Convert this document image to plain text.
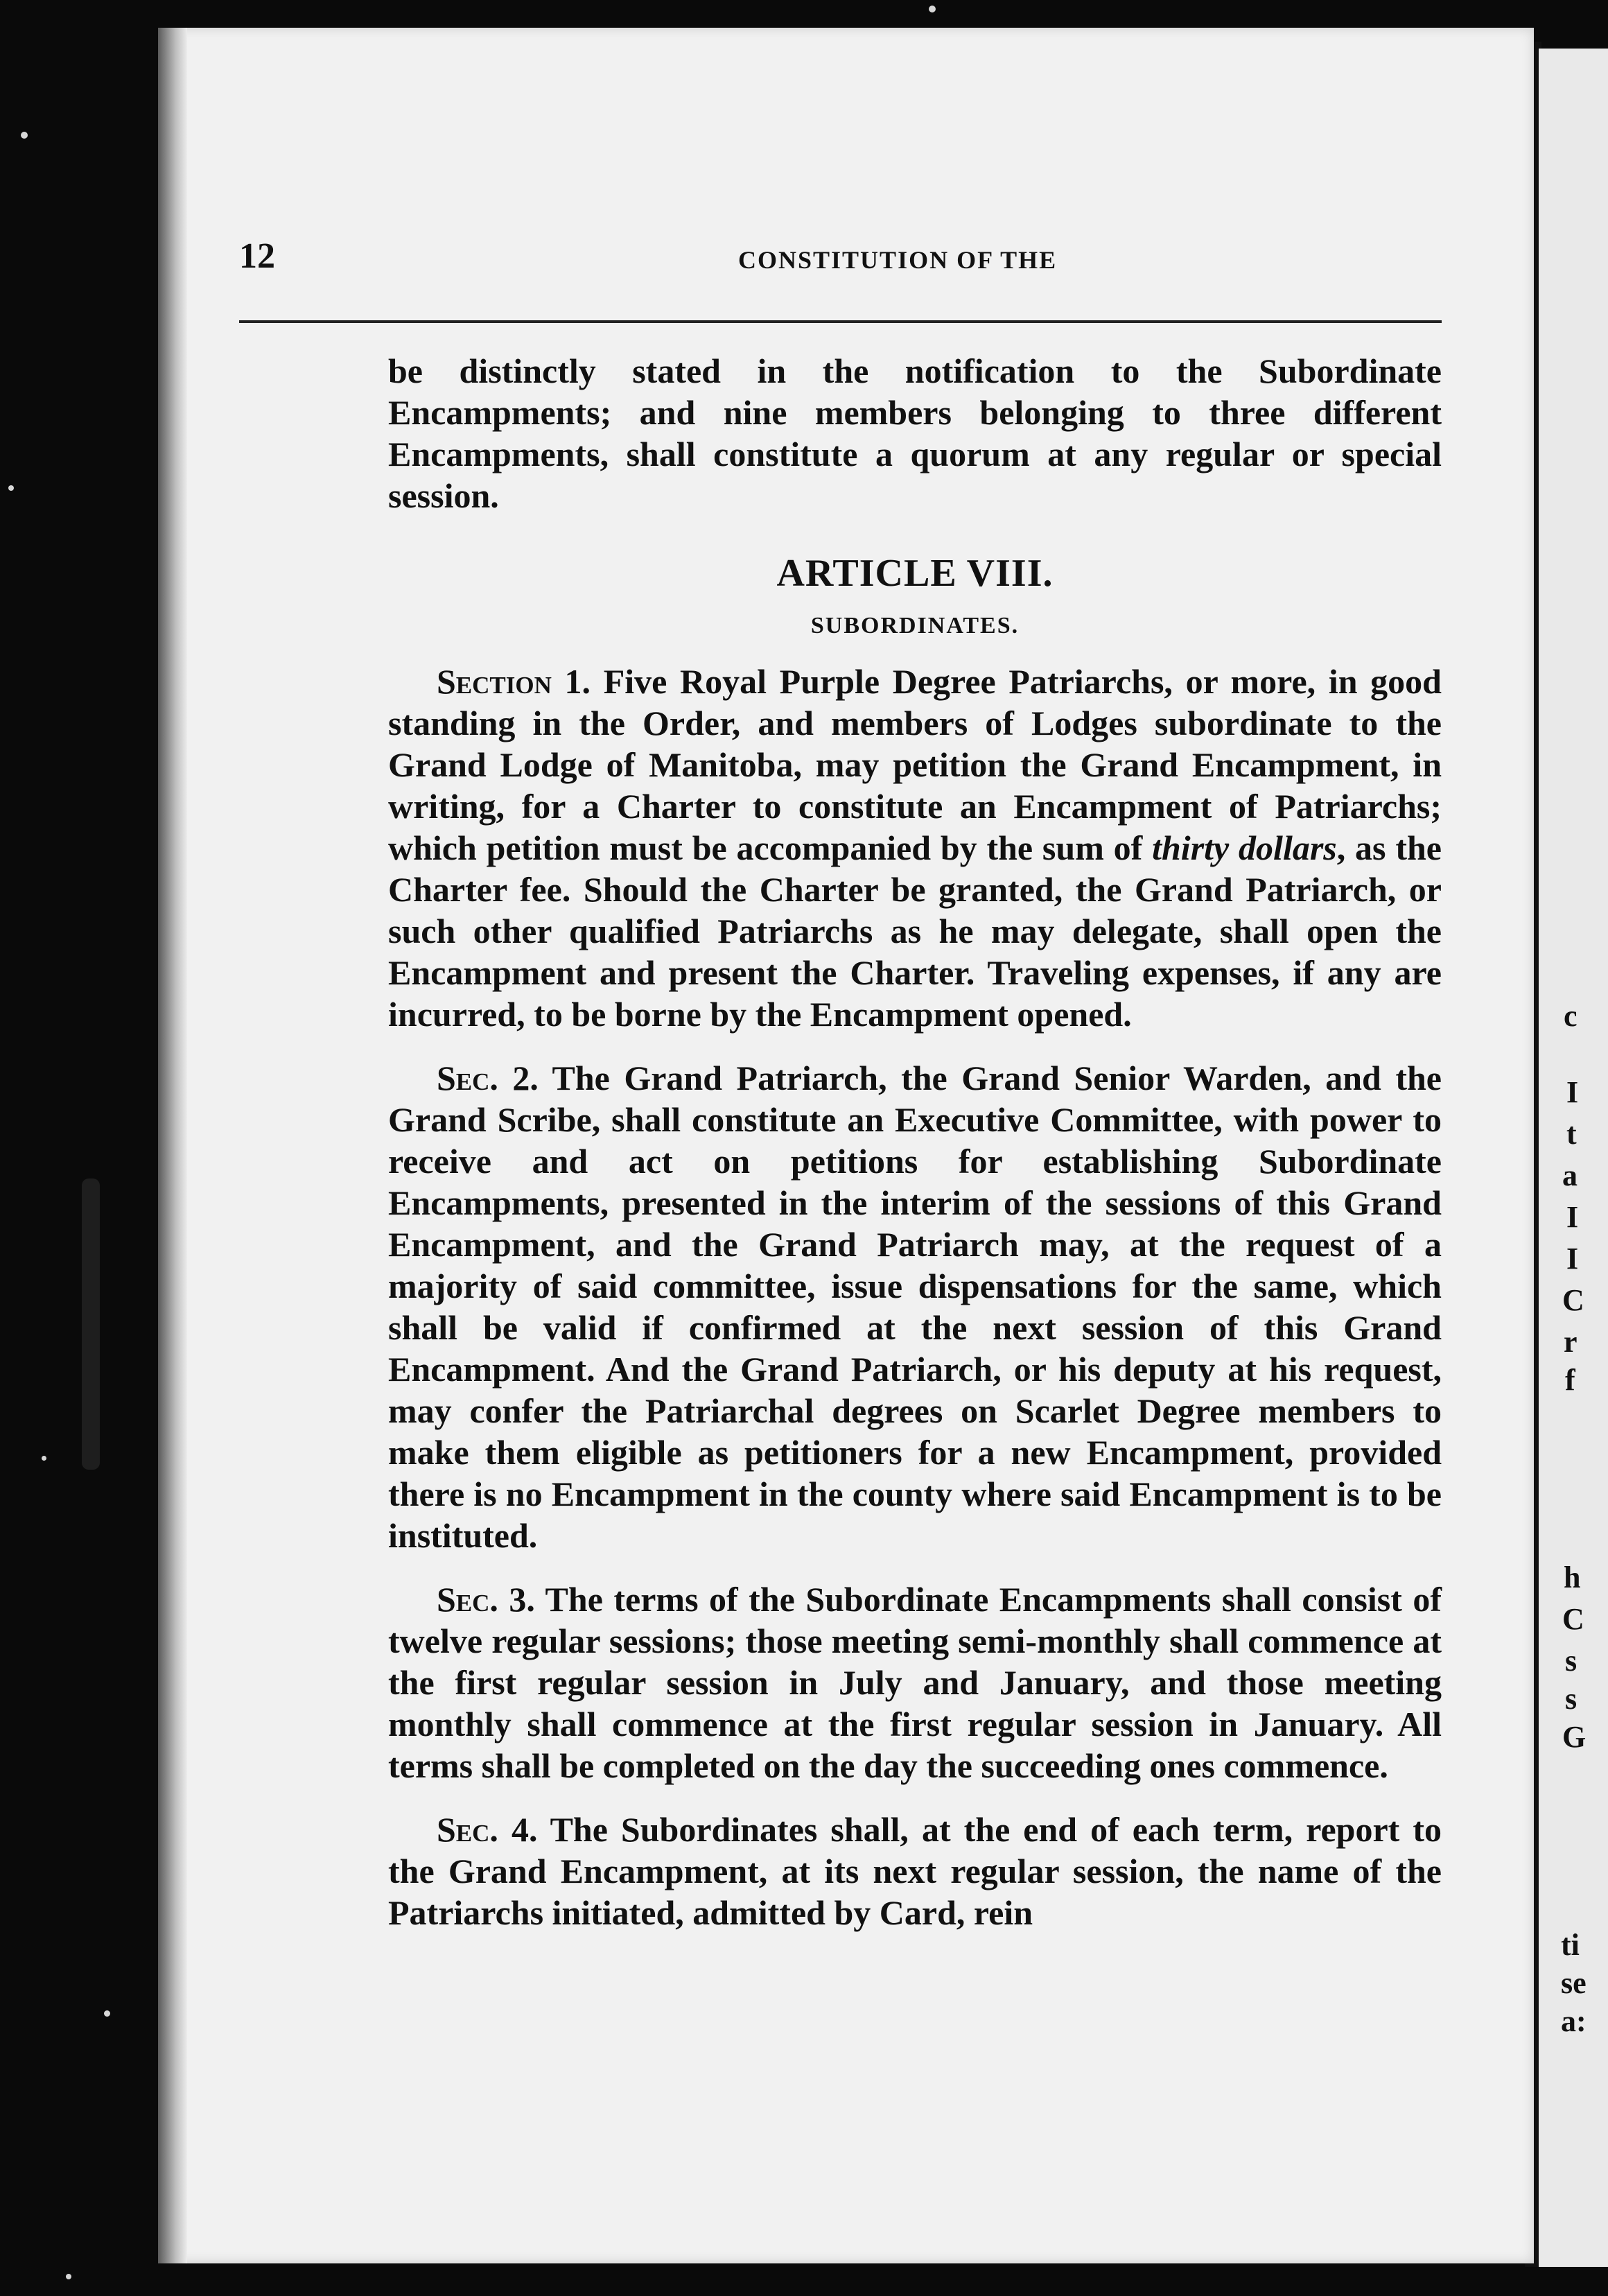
c
I
t
a
I
I
C
r
f
h
C
s
s
G
ti
se
a:
12	CONSTITUTION OF THE

be distinctly stated in the notification to the Subordinate Encampments; and nine members belonging to three different Encampments, shall constitute a quorum at any regular or special session.

ARTICLE VIII.
SUBORDINATES.

Section 1. Five Royal Purple Degree Patriarchs, or more, in good standing in the Order, and members of Lodges subordinate to the Grand Lodge of Manitoba, may petition the Grand Encampment, in writing, for a Charter to constitute an Encampment of Patriarchs; which petition must be accompanied by the sum of thirty dollars, as the Charter fee. Should the Charter be granted, the Grand Patriarch, or such other qualified Patriarchs as he may delegate, shall open the Encampment and present the Charter. Traveling expenses, if any are incurred, to be borne by the Encampment opened.

Sec. 2. The Grand Patriarch, the Grand Senior Warden, and the Grand Scribe, shall constitute an Executive Committee, with power to receive and act on petitions for establishing Subordinate Encampments, presented in the interim of the sessions of this Grand Encampment, and the Grand Patriarch may, at the request of a majority of said committee, issue dispensations for the same, which shall be valid if confirmed at the next session of this Grand Encampment. And the Grand Patriarch, or his deputy at his request, may confer the Patriarchal degrees on Scarlet Degree members to make them eligible as petitioners for a new Encampment, provided there is no Encampment in the county where said Encampment is to be instituted.

Sec. 3. The terms of the Subordinate Encampments shall consist of twelve regular sessions; those meeting semi-monthly shall commence at the first regular session in July and January, and those meeting monthly shall commence at the first regular session in January. All terms shall be completed on the day the succeeding ones commence.

Sec. 4. The Subordinates shall, at the end of each term, report to the Grand Encampment, at its next regular session, the name of the Patriarchs initiated, admitted by Card, rein
